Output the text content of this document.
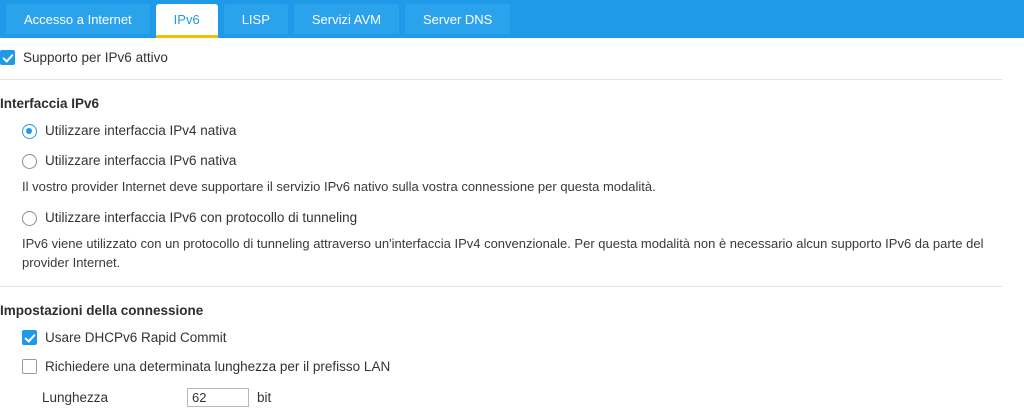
Accesso a Internet	IPv6	LISP	Servizi AVM	Server DNS
Supporto per IPv6 attivo
Interfaccia IPv6
Utilizzare interfaccia IPv4 nativa
Utilizzare interfaccia IPv6 nativa
Il vostro provider Internet deve supportare il servizio IPv6 nativo sulla vostra connessione per questa modalità.
Utilizzare interfaccia IPv6 con protocollo di tunneling
IPv6 viene utilizzato con un protocollo di tunneling attraverso un'interfaccia IPv4 convenzionale. Per questa modalità non è necessario alcun supporto IPv6 da parte del provider Internet.
Impostazioni della connessione
Usare DHCPv6 Rapid Commit
Richiedere una determinata lunghezza per il prefisso LAN
Lunghezza
62	bit
